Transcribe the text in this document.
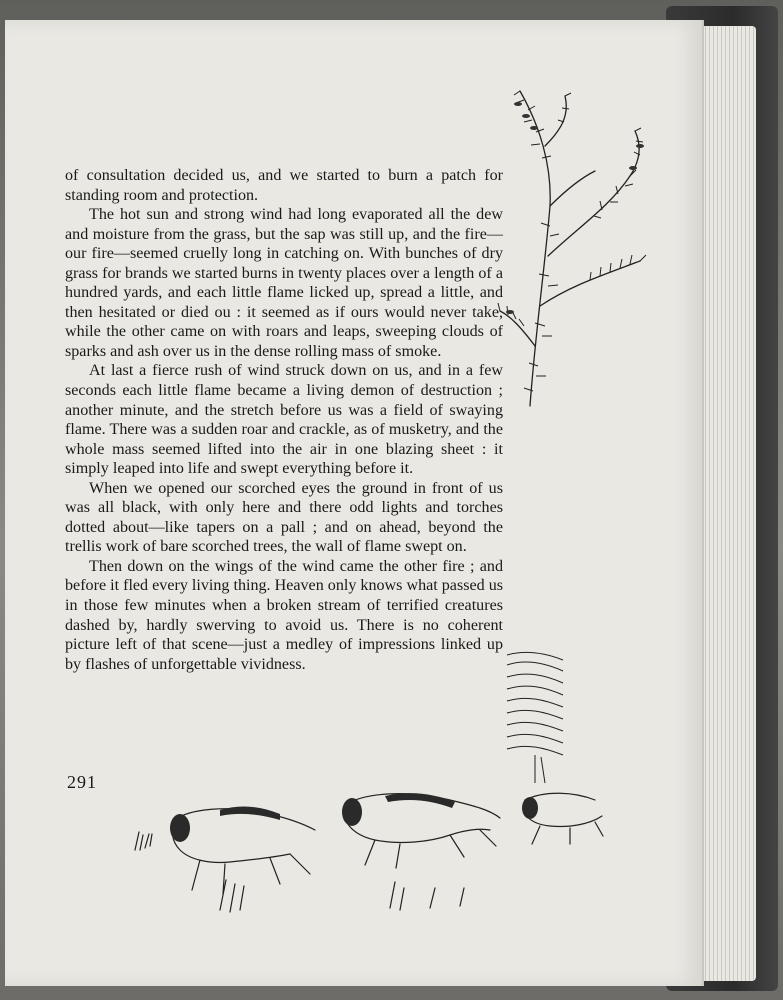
of consultation decided us, and we started to burn a patch for standing room and protection.

The hot sun and strong wind had long evaporated all the dew and moisture from the grass, but the sap was still up, and the fire—our fire—seemed cruelly long in catching on. With bunches of dry grass for brands we started burns in twenty places over a length of a hundred yards, and each little flame licked up, spread a little, and then hesitated or died ou : it seemed as if ours would never take, while the other came on with roars and leaps, sweeping clouds of sparks and ash over us in the dense rolling mass of smoke.

At last a fierce rush of wind struck down on us, and in a few seconds each little flame became a living demon of destruction ; another minute, and the stretch before us was a field of swaying flame. There was a sudden roar and crackle, as of musketry, and the whole mass seemed lifted into the air in one blazing sheet : it simply leaped into life and swept everything before it.

When we opened our scorched eyes the ground in front of us was all black, with only here and there odd lights and torches dotted about—like tapers on a pall ; and on ahead, beyond the trellis work of bare scorched trees, the wall of flame swept on.

Then down on the wings of the wind came the other fire ; and before it fled every living thing. Heaven only knows what passed us in those few minutes when a broken stream of terrified creatures dashed by, hardly swerving to avoid us. There is no coherent picture left of that scene—just a medley of impressions linked up by flashes of unforgettable vividness.

291
